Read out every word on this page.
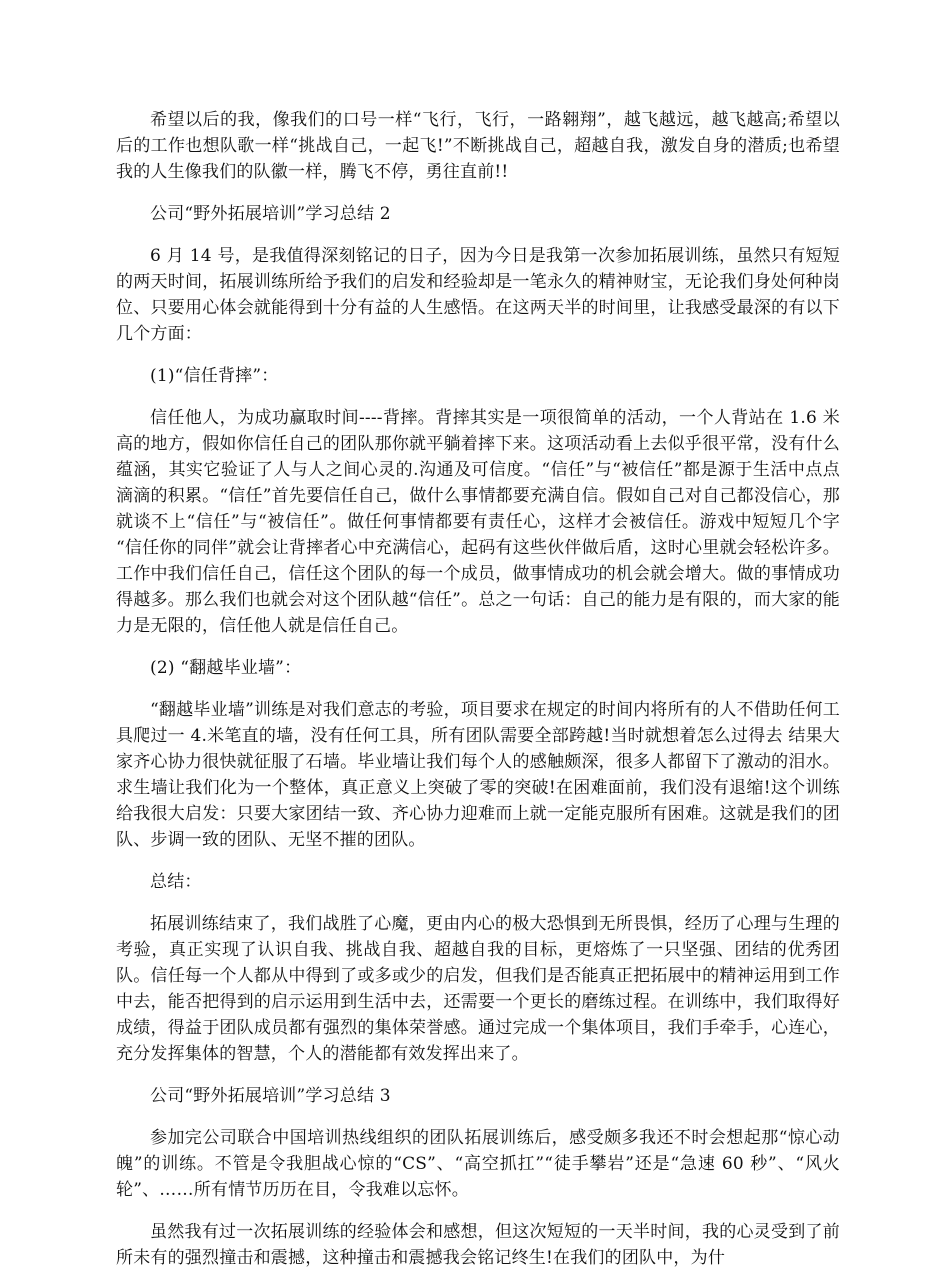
希望以后的我，像我们的口号一样“飞行，飞行，一路翱翔”，越飞越远，越飞越高;希望以后的工作也想队歌一样“挑战自己，一起飞!”不断挑战自己，超越自我，激发自身的潜质;也希望我的人生像我们的队徽一样，腾飞不停，勇往直前!!

公司“野外拓展培训”学习总结 2

6 月 14 号，是我值得深刻铭记的日子，因为今日是我第一次参加拓展训练，虽然只有短短的两天时间，拓展训练所给予我们的启发和经验却是一笔永久的精神财宝，无论我们身处何种岗位、只要用心体会就能得到十分有益的人生感悟。在这两天半的时间里，让我感受最深的有以下几个方面：

(1)“信任背摔”：

信任他人，为成功赢取时间----背摔。背摔其实是一项很简单的活动，一个人背站在 1.6 米高的地方，假如你信任自己的团队那你就平躺着摔下来。这项活动看上去似乎很平常，没有什么蕴涵，其实它验证了人与人之间心灵的.沟通及可信度。“信任”与“被信任”都是源于生活中点点滴滴的积累。“信任”首先要信任自己，做什么事情都要充满自信。假如自己对自己都没信心，那就谈不上“信任”与“被信任”。做任何事情都要有责任心，这样才会被信任。游戏中短短几个字 “信任你的同伴”就会让背摔者心中充满信心，起码有这些伙伴做后盾，这时心里就会轻松许多。工作中我们信任自己，信任这个团队的每一个成员，做事情成功的机会就会增大。做的事情成功得越多。那么我们也就会对这个团队越“信任”。总之一句话：自己的能力是有限的，而大家的能力是无限的，信任他人就是信任自己。

(2) “翻越毕业墙”：

“翻越毕业墙”训练是对我们意志的考验，项目要求在规定的时间内将所有的人不借助任何工具爬过一 4.米笔直的墙，没有任何工具，所有团队需要全部跨越!当时就想着怎么过得去 结果大家齐心协力很快就征服了石墙。毕业墙让我们每个人的感触颇深，很多人都留下了激动的泪水。求生墙让我们化为一个整体，真正意义上突破了零的突破!在困难面前，我们没有退缩!这个训练给我很大启发：只要大家团结一致、齐心协力迎难而上就一定能克服所有困难。这就是我们的团队、步调一致的团队、无坚不摧的团队。

总结：

拓展训练结束了，我们战胜了心魔，更由内心的极大恐惧到无所畏惧，经历了心理与生理的考验，真正实现了认识自我、挑战自我、超越自我的目标，更熔炼了一只坚强、团结的优秀团队。信任每一个人都从中得到了或多或少的启发，但我们是否能真正把拓展中的精神运用到工作中去，能否把得到的启示运用到生活中去，还需要一个更长的磨练过程。在训练中，我们取得好成绩，得益于团队成员都有强烈的集体荣誉感。通过完成一个集体项目，我们手牵手，心连心，充分发挥集体的智慧，个人的潜能都有效发挥出来了。

公司“野外拓展培训”学习总结 3

参加完公司联合中国培训热线组织的团队拓展训练后，感受颇多我还不时会想起那“惊心动魄”的训练。不管是令我胆战心惊的“CS”、“高空抓扛”“徒手攀岩”还是“急速 60 秒”、“风火轮”、……所有情节历历在目，令我难以忘怀。

虽然我有过一次拓展训练的经验体会和感想，但这次短短的一天半时间，我的心灵受到了前所未有的强烈撞击和震撼，这种撞击和震撼我会铭记终生!在我们的团队中，为什
